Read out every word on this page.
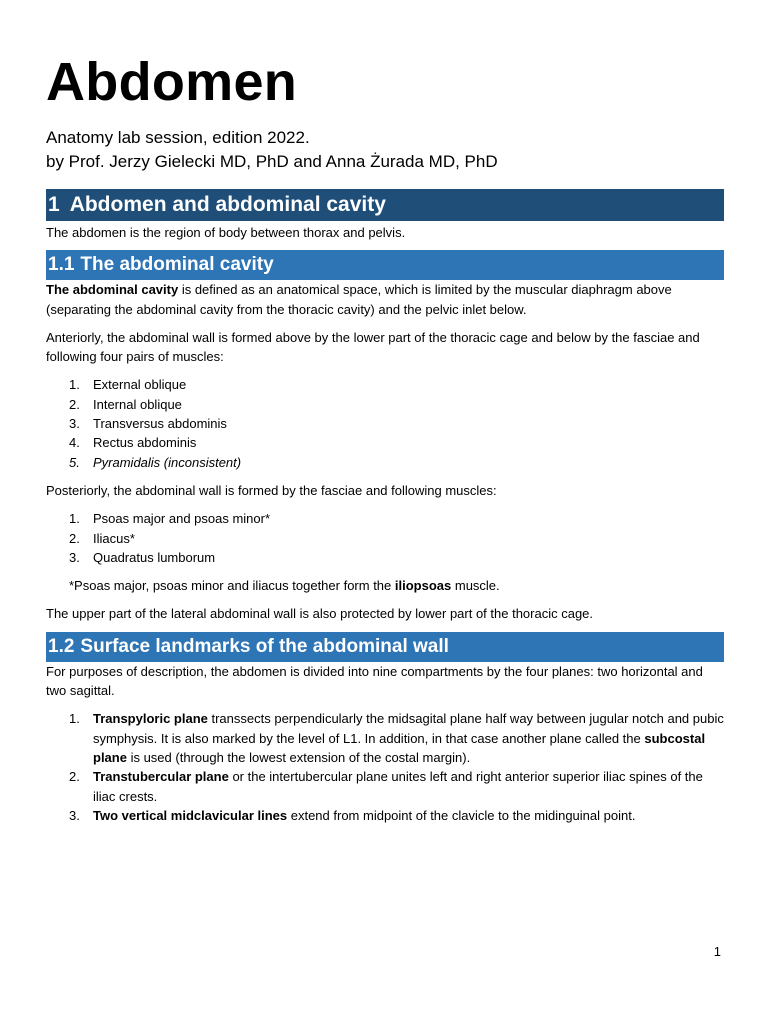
Abdomen

Anatomy lab session, edition 2022.

by Prof. Jerzy Gielecki MD, PhD and Anna Żurada MD, PhD

1 Abdomen and abdominal cavity

The abdomen is the region of body between thorax and pelvis.

1.1 The abdominal cavity

The abdominal cavity is defined as an anatomical space, which is limited by the muscular diaphragm above (separating the abdominal cavity from the thoracic cavity) and the pelvic inlet below.

Anteriorly, the abdominal wall is formed above by the lower part of the thoracic cage and below by the fasciae and following four pairs of muscles:

1. External oblique
2. Internal oblique
3. Transversus abdominis
4. Rectus abdominis
5. Pyramidalis (inconsistent)

Posteriorly, the abdominal wall is formed by the fasciae and following muscles:

1. Psoas major and psoas minor*
2. Iliacus*
3. Quadratus lumborum

*Psoas major, psoas minor and iliacus together form the iliopsoas muscle.

The upper part of the lateral abdominal wall is also protected by lower part of the thoracic cage.

1.2 Surface landmarks of the abdominal wall

For purposes of description, the abdomen is divided into nine compartments by the four planes: two horizontal and two sagittal.

1. Transpyloric plane transsects perpendicularly the midsagital plane half way between jugular notch and pubic symphysis. It is also marked by the level of L1. In addition, in that case another plane called the subcostal plane is used (through the lowest extension of the costal margin).
2. Transtubercular plane or the intertubercular plane unites left and right anterior superior iliac spines of the iliac crests.
3. Two vertical midclavicular lines extend from midpoint of the clavicle to the midinguinal point.
1
